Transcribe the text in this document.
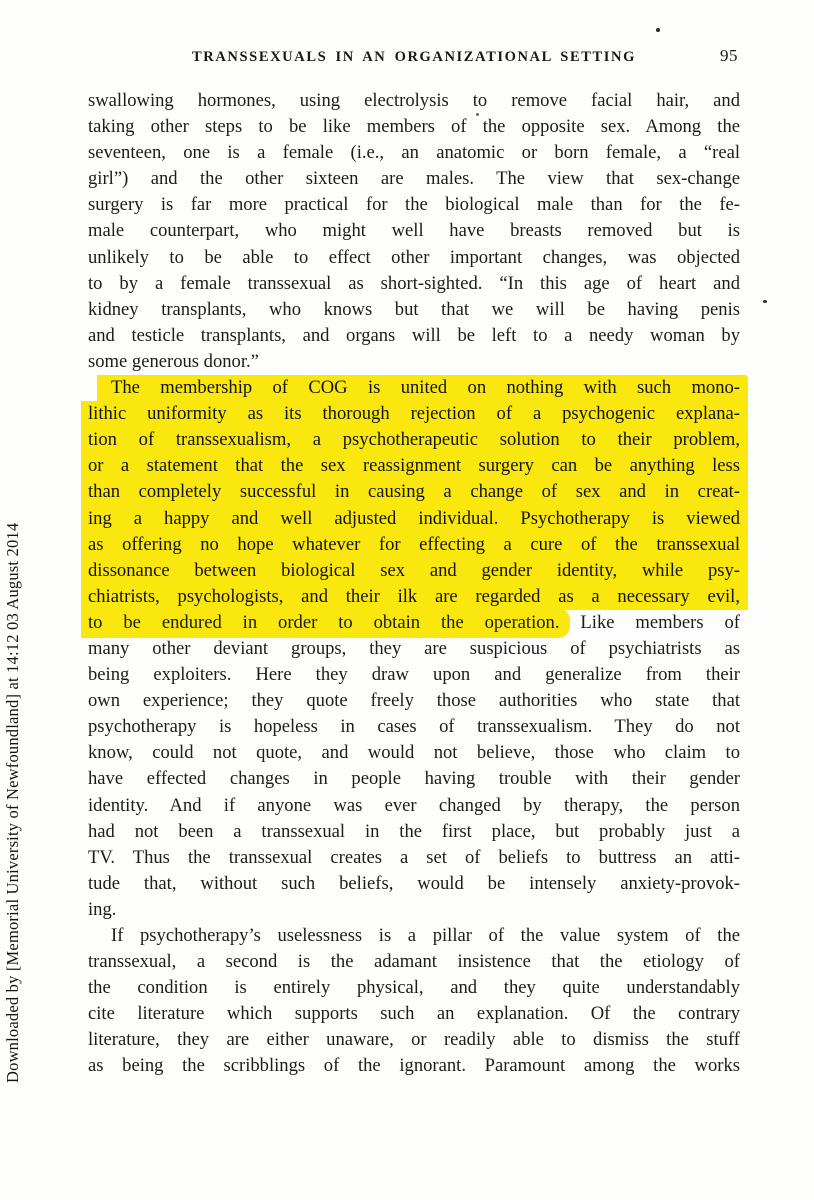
TRANSSEXUALS IN AN ORGANIZATIONAL SETTING	95
Downloaded by [Memorial University of Newfoundland] at 14:12 03 August 2014
swallowing hormones, using electrolysis to remove facial hair, and
taking other steps to be like members of the opposite sex. Among the
seventeen, one is a female (i.e., an anatomic or born female, a “real
girl”) and the other sixteen are males. The view that sex-change
surgery is far more practical for the biological male than for the fe-
male counterpart, who might well have breasts removed but is
unlikely to be able to effect other important changes, was objected
to by a female transsexual as short-sighted. “In this age of heart and
kidney transplants, who knows but that we will be having penis
and testicle transplants, and organs will be left to a needy woman by
some generous donor.”
The membership of COG is united on nothing with such mono-
lithic uniformity as its thorough rejection of a psychogenic explana-
tion of transsexualism, a psychotherapeutic solution to their problem,
or a statement that the sex reassignment surgery can be anything less
than completely successful in causing a change of sex and in creat-
ing a happy and well adjusted individual. Psychotherapy is viewed
as offering no hope whatever for effecting a cure of the transsexual
dissonance between biological sex and gender identity, while psy-
chiatrists, psychologists, and their ilk are regarded as a necessary evil,
to be endured in order to obtain the operation. Like members of
many other deviant groups, they are suspicious of psychiatrists as
being exploiters. Here they draw upon and generalize from their
own experience; they quote freely those authorities who state that
psychotherapy is hopeless in cases of transsexualism. They do not
know, could not quote, and would not believe, those who claim to
have effected changes in people having trouble with their gender
identity. And if anyone was ever changed by therapy, the person
had not been a transsexual in the first place, but probably just a
TV. Thus the transsexual creates a set of beliefs to buttress an atti-
tude that, without such beliefs, would be intensely anxiety-provok-
ing.
If psychotherapy’s uselessness is a pillar of the value system of the
transsexual, a second is the adamant insistence that the etiology of
the condition is entirely physical, and they quite understandably
cite literature which supports such an explanation. Of the contrary
literature, they are either unaware, or readily able to dismiss the stuff
as being the scribblings of the ignorant. Paramount among the works
